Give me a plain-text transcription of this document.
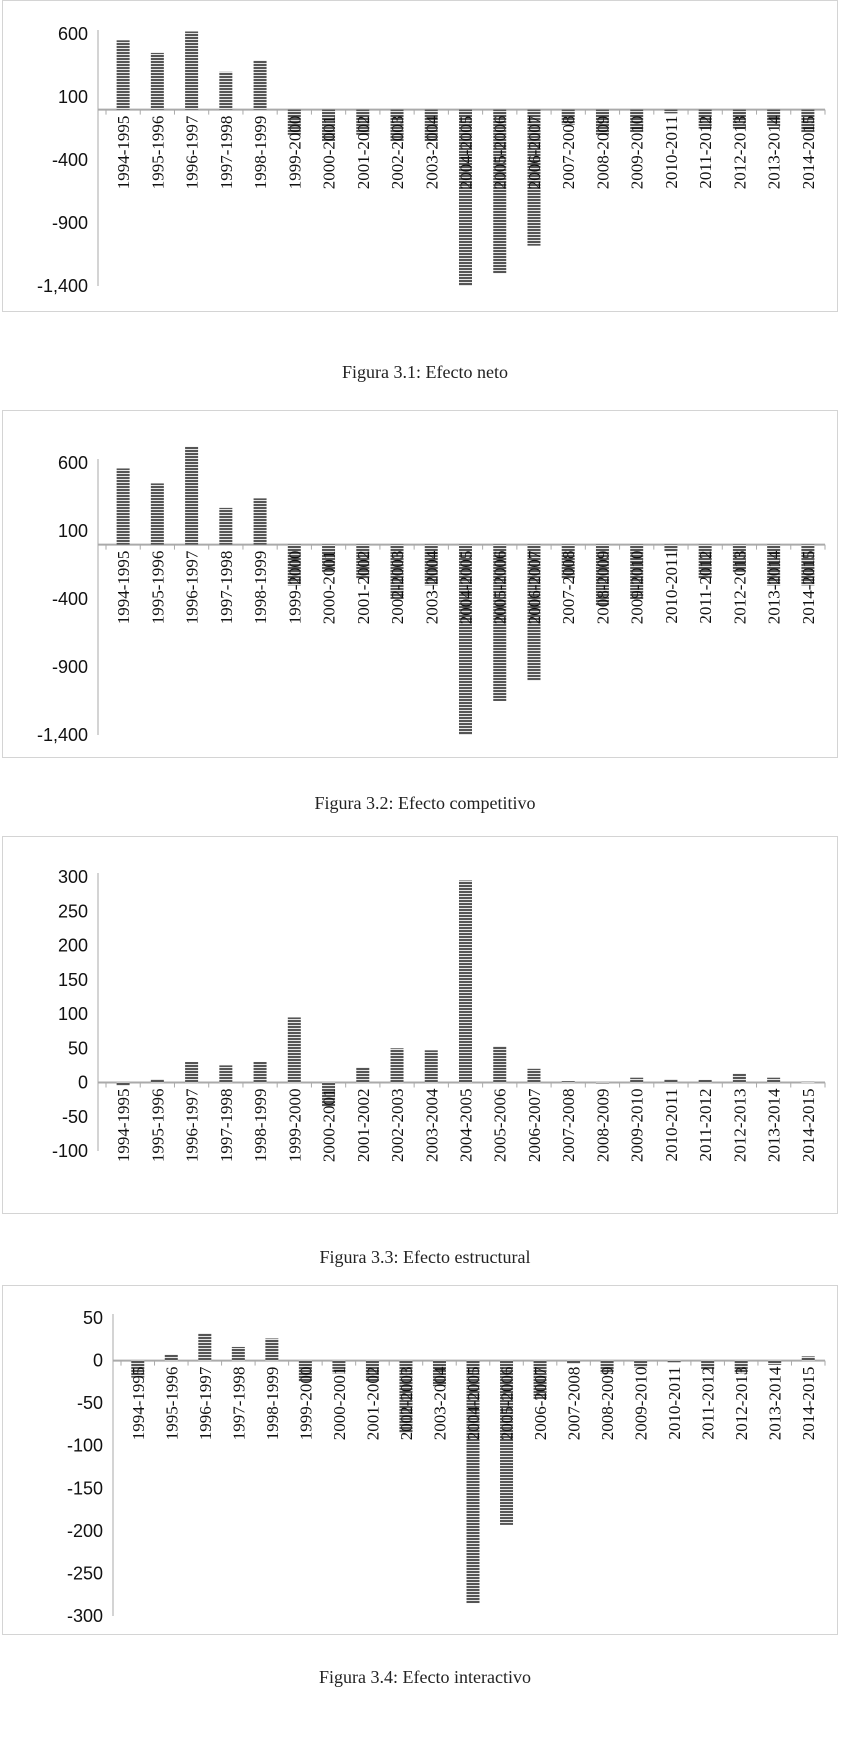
600
100
-400
-900
-1,400
1994-1995 1995-1996 1996-1997 1997-1998 1998-1999 1999-2000 2000-2001 2001-2002 2002-2003 2003-2004 2004-2005 2005-2006 2006-2007 2007-2008 2008-2009 2009-2010 2010-2011 2011-2012 2012-2013 2013-2014 2014-2015
Figura 3.1: Efecto neto
600
100
-400
-900
-1,400
1994-1995 1995-1996 1996-1997 1997-1998 1998-1999 1999-2000 2000-2001 2001-2002 2002-2003 2003-2004 2004-2005 2005-2006 2006-2007 2007-2008 2008-2009 2009-2010 2010-2011 2011-2012 2012-2013 2013-2014 2014-2015
Figura 3.2: Efecto competitivo
300
250
200
150
100
50
0
-50
-100 1994-1995 1995-1996 1996-1997 1997-1998 1998-1999 1999-2000 2000-2001 2001-2002 2002-2003 2003-2004 2004-2005 2005-2006 2006-2007 2007-2008 2008-2009 2009-2010 2010-2011 2011-2012 2012-2013 2013-2014 2014-2015
Figura 3.3: Efecto estructural
50
0
-50
-100
-150
-200
-250
-300
1994-1995 1995-1996 1996-1997 1997-1998 1998-1999 1999-2000 2000-2001 2001-2002 2002-2003 2003-2004 2004-2005 2005-2006 2006-2007 2007-2008 2008-2009 2009-2010 2010-2011 2011-2012 2012-2013 2013-2014 2014-2015
Figura 3.4: Efecto interactivo
